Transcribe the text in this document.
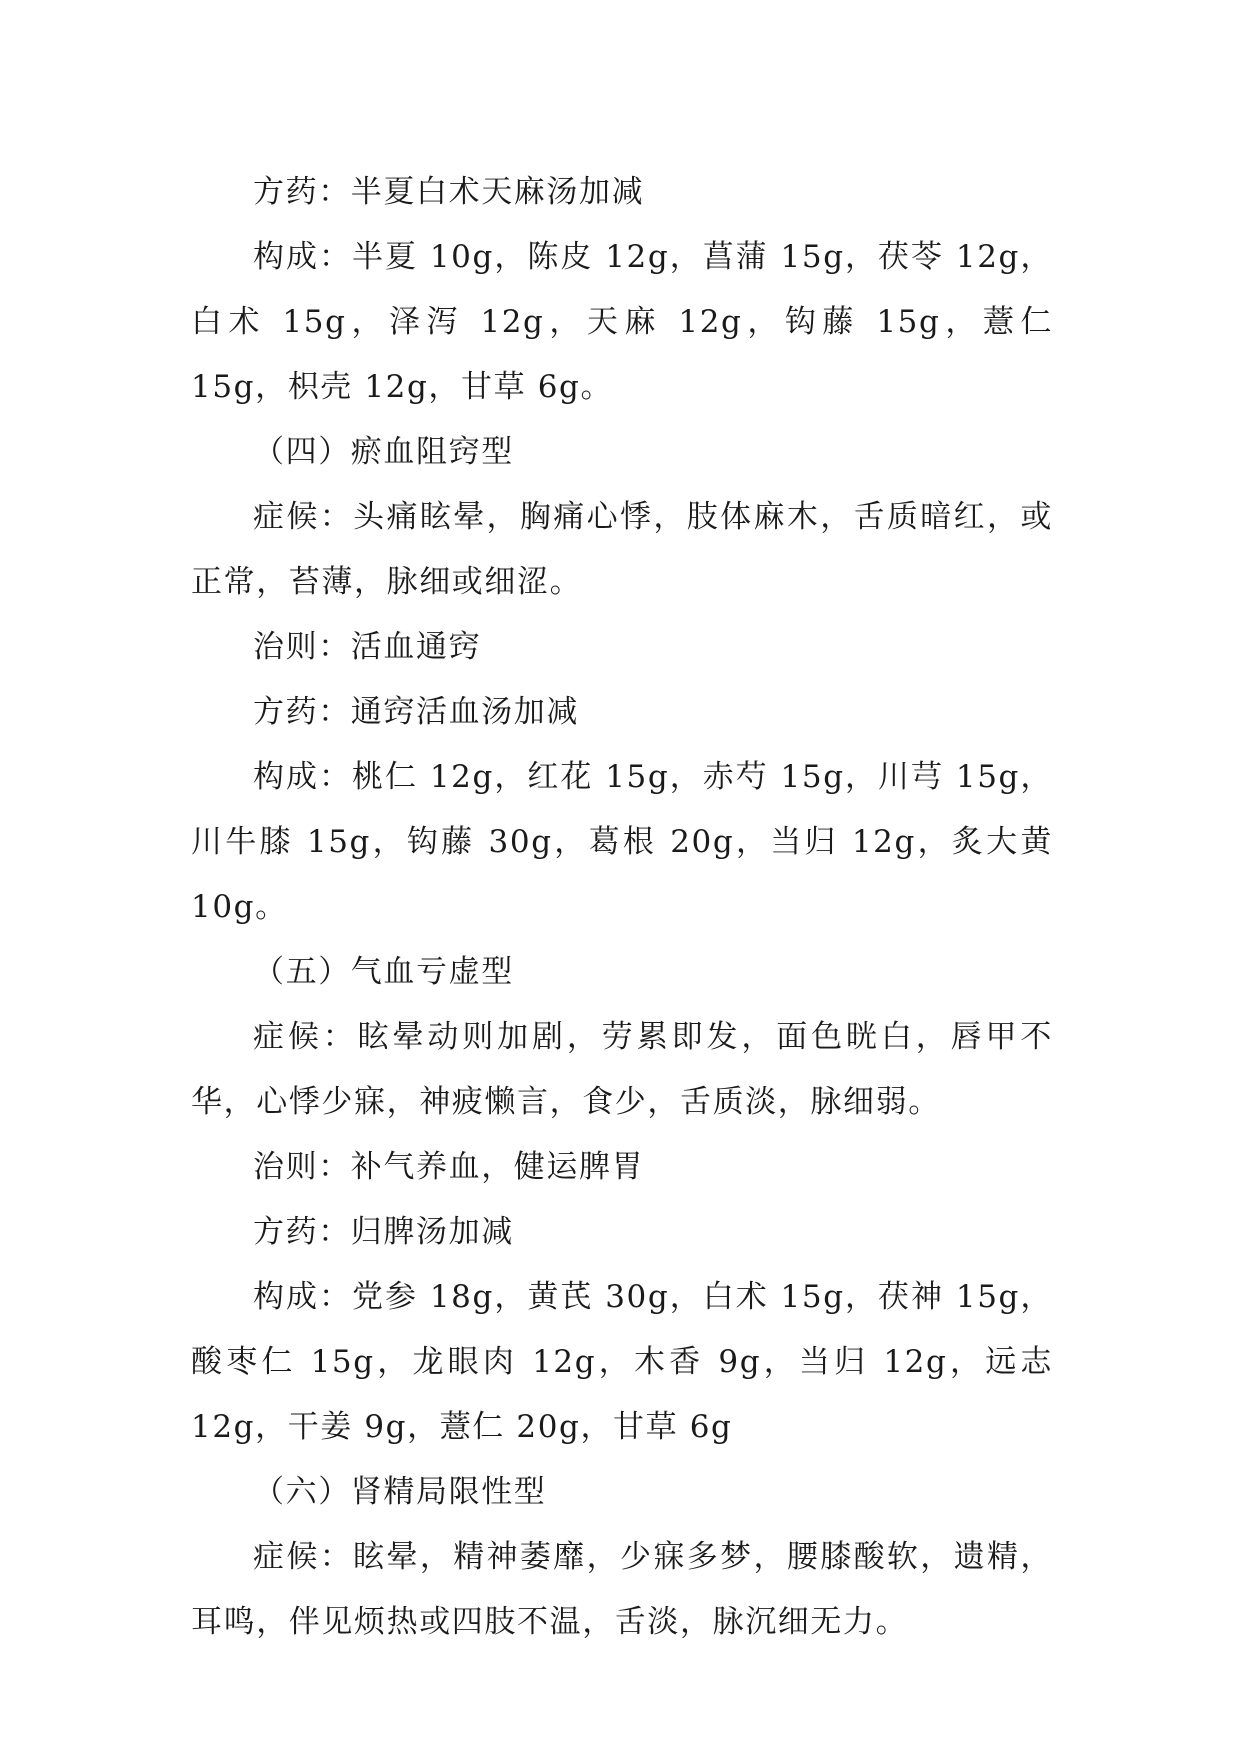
方药：半夏白术天麻汤加减

构成：半夏 10g，陈皮 12g，菖蒲 15g，茯苓 12g，白术 15g，泽泻 12g，天麻 12g，钩藤 15g，薏仁 15g，枳壳 12g，甘草 6g。

（四）瘀血阻窍型

症候：头痛眩晕，胸痛心悸，肢体麻木，舌质暗红，或正常，苔薄，脉细或细涩。

治则：活血通窍

方药：通窍活血汤加减

构成：桃仁 12g，红花 15g，赤芍 15g，川芎 15g，川牛膝 15g，钩藤 30g，葛根 20g，当归 12g，炙大黄 10g。

（五）气血亏虚型

症候：眩晕动则加剧，劳累即发，面色晄白，唇甲不华，心悸少寐，神疲懒言，食少，舌质淡，脉细弱。

治则：补气养血，健运脾胃

方药：归脾汤加减

构成：党参 18g，黄芪 30g，白术 15g，茯神 15g，酸枣仁 15g，龙眼肉 12g，木香 9g，当归 12g，远志 12g，干姜 9g，薏仁 20g，甘草 6g

（六）肾精局限性型

症候：眩晕，精神萎靡，少寐多梦，腰膝酸软，遗精，耳鸣，伴见烦热或四肢不温，舌淡，脉沉细无力。
